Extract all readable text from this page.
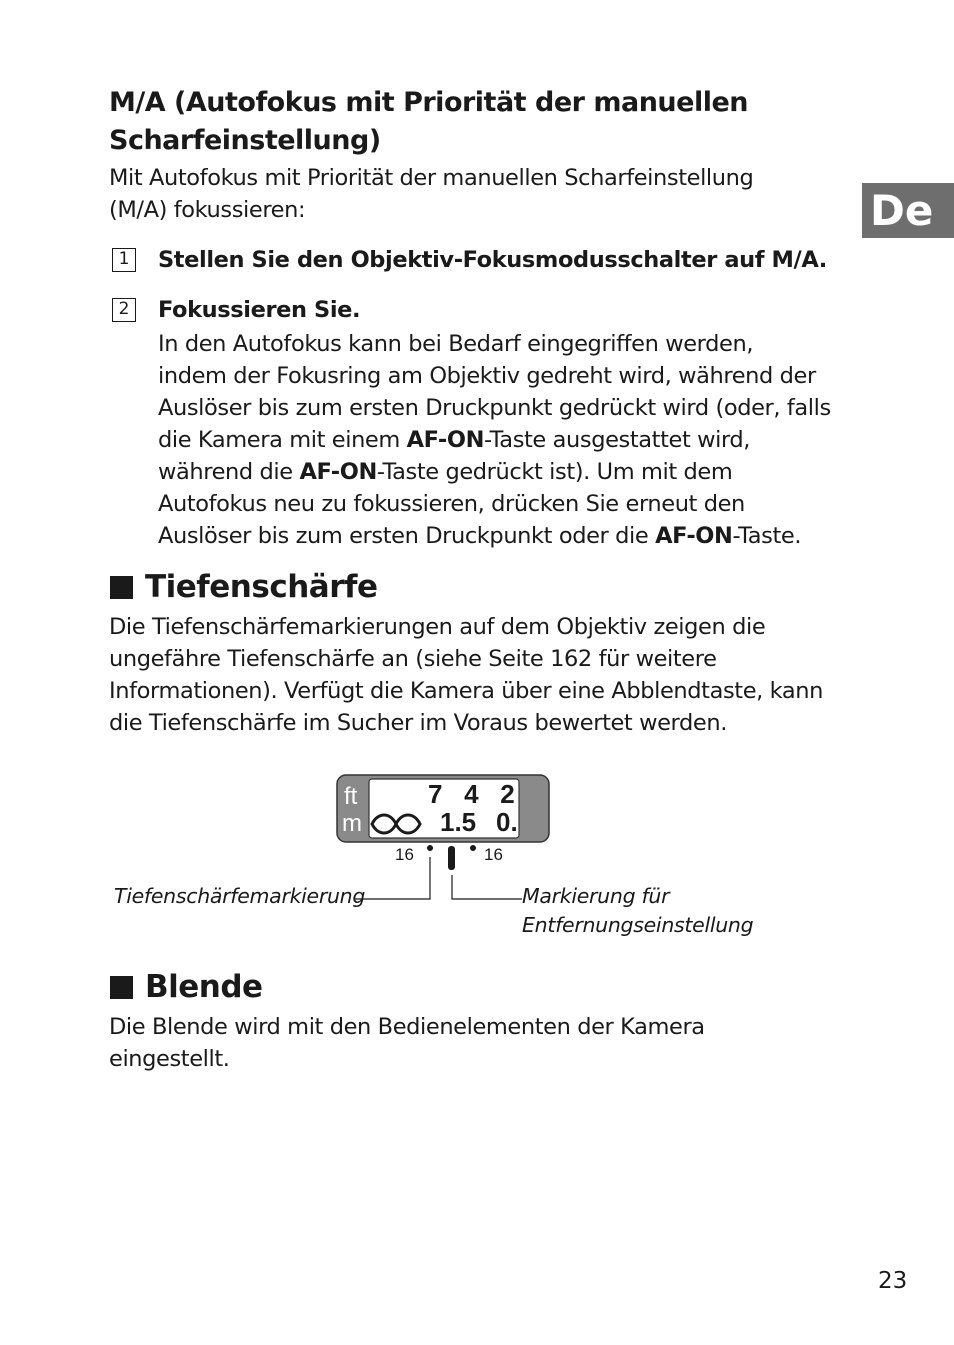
De
M/A (Autofokus mit Priorität der manuellen
Scharfeinstellung)
Mit Autofokus mit Priorität der manuellen Scharfeinstellung
(M/A) fokussieren:
1 Stellen Sie den Objektiv-Fokusmodusschalter auf M/A.
2 Fokussieren Sie.
In den Autofokus kann bei Bedarf eingegriffen werden,
indem der Fokusring am Objektiv gedreht wird, während der
Auslöser bis zum ersten Druckpunkt gedrückt wird (oder, falls
die Kamera mit einem AF-ON-Taste ausgestattet wird,
während die AF-ON-Taste gedrückt ist). Um mit dem
Autofokus neu zu fokussieren, drücken Sie erneut den
Auslöser bis zum ersten Druckpunkt oder die AF-ON-Taste.
Tiefenschärfe
Die Tiefenschärfemarkierungen auf dem Objektiv zeigen die
ungefähre Tiefenschärfe an (siehe Seite 162 für weitere
Informationen). Verfügt die Kamera über eine Abblendtaste, kann
die Tiefenschärfe im Sucher im Voraus bewertet werden.
ft
m
7   4   2
1.5 0.
16	16
Tiefenschärfemarkierung	Markierung für
Entfernungseinstellung
Blende
Die Blende wird mit den Bedienelementen der Kamera
eingestellt.
23
